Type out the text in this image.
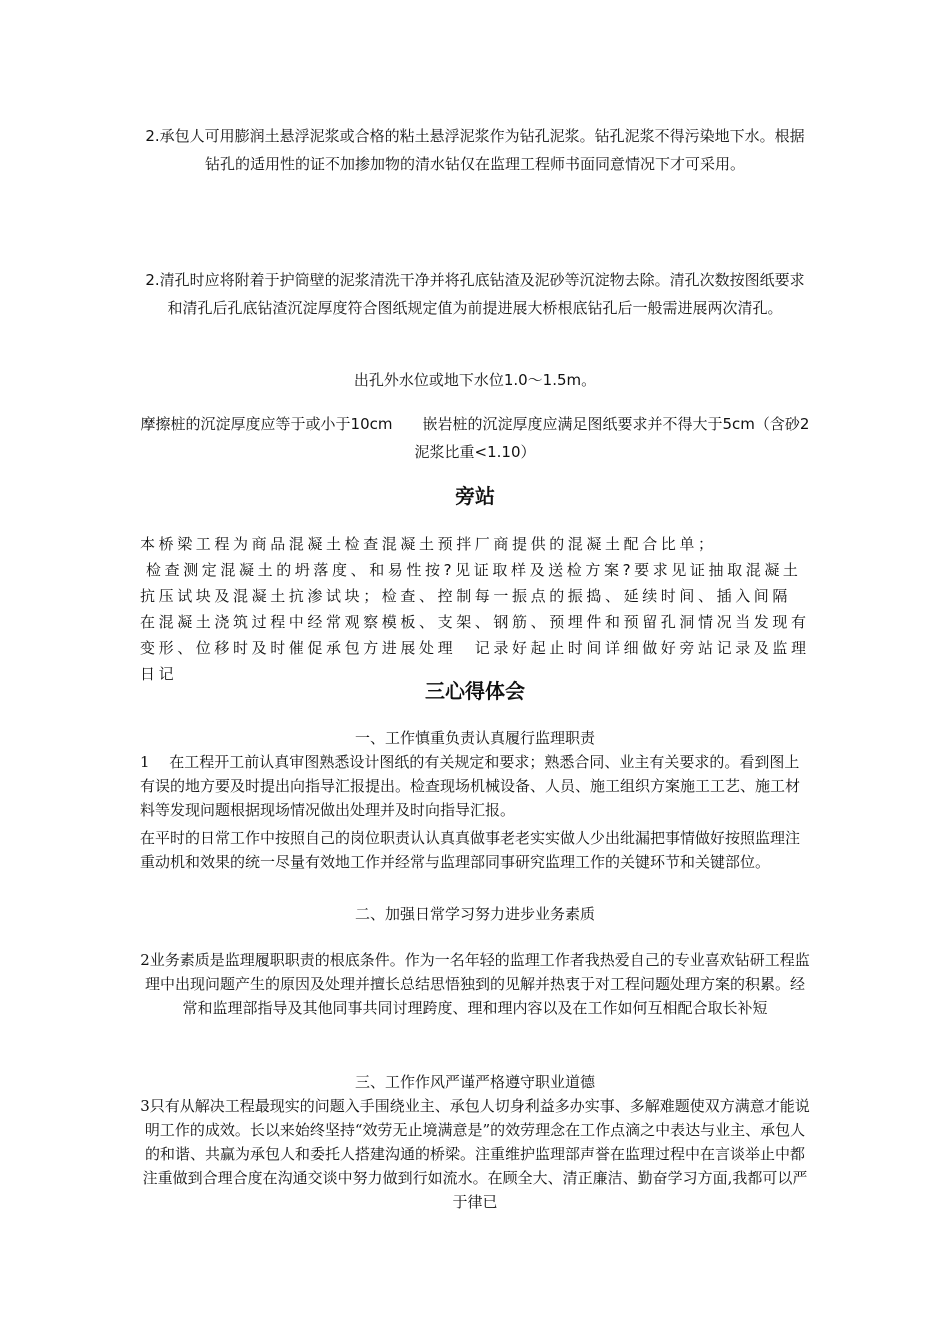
2.承包人可用膨润土悬浮泥浆或合格的粘土悬浮泥浆作为钻孔泥浆。钻孔泥浆不得污染地下水。根据钻孔的适用性的证不加掺加物的清水钻仅在监理工程师书面同意情况下才可采用。

2.清孔时应将附着于护筒壁的泥浆清洗干净并将孔底钻渣及泥砂等沉淀物去除。清孔次数按图纸要求和清孔后孔底钻渣沉淀厚度符合图纸规定值为前提进展大桥根底钻孔后一般需进展两次清孔。

出孔外水位或地下水位1.0〜1.5m。

摩擦桩的沉淀厚度应等于或小于10cm　　嵌岩桩的沉淀厚度应满足图纸要求并不得大于5cm（含砂2　泥浆比重<1.10）

旁站

本桥梁工程为商品混凝土检查混凝土预拌厂商提供的混凝土配合比单；

检查测定混凝土的坍落度、和易性按?见证取样及送检方案?要求见证抽取混凝土抗压试块及混凝土抗渗试块；检查、控制每一振点的振捣、延续时间、插入间隔　在混凝土浇筑过程中经常观察模板、支架、钢筋、预埋件和预留孔洞情况当发现有变形、位移时及时催促承包方进展处理　记录好起止时间详细做好旁站记录及监理日记

三心得体会

一、工作慎重负责认真履行监理职责

1　 在工程开工前认真审图熟悉设计图纸的有关规定和要求；熟悉合同、业主有关要求的。看到图上有误的地方要及时提出向指导汇报提出。检查现场机械设备、人员、施工组织方案施工工艺、施工材料等发现问题根据现场情况做出处理并及时向指导汇报。

在平时的日常工作中按照自己的岗位职责认认真真做事老老实实做人少出纰漏把事情做好按照监理注重动机和效果的统一尽量有效地工作并经常与监理部同事研究监理工作的关键环节和关键部位。

二、加强日常学习努力进步业务素质

2业务素质是监理履职职责的根底条件。作为一名年轻的监理工作者我热爱自己的专业喜欢钻研工程监理中出现问题产生的原因及处理并擅长总结思悟独到的见解并热衷于对工程问题处理方案的积累。经常和监理部指导及其他同事共同讨理跨度、理和理内容以及在工作如何互相配合取长补短

三、工作作风严谨严格遵守职业道德

3只有从解决工程最现实的问题入手围绕业主、承包人切身利益多办实事、多解难题使双方满意才能说明工作的成效。长以来始终坚持“效劳无止境满意是”的效劳理念在工作点滴之中表达与业主、承包人的和谐、共赢为承包人和委托人搭建沟通的桥梁。注重维护监理部声誉在监理过程中在言谈举止中都注重做到合理合度在沟通交谈中努力做到行如流水。在顾全大、清正廉洁、勤奋学习方面,我都可以严于律已
